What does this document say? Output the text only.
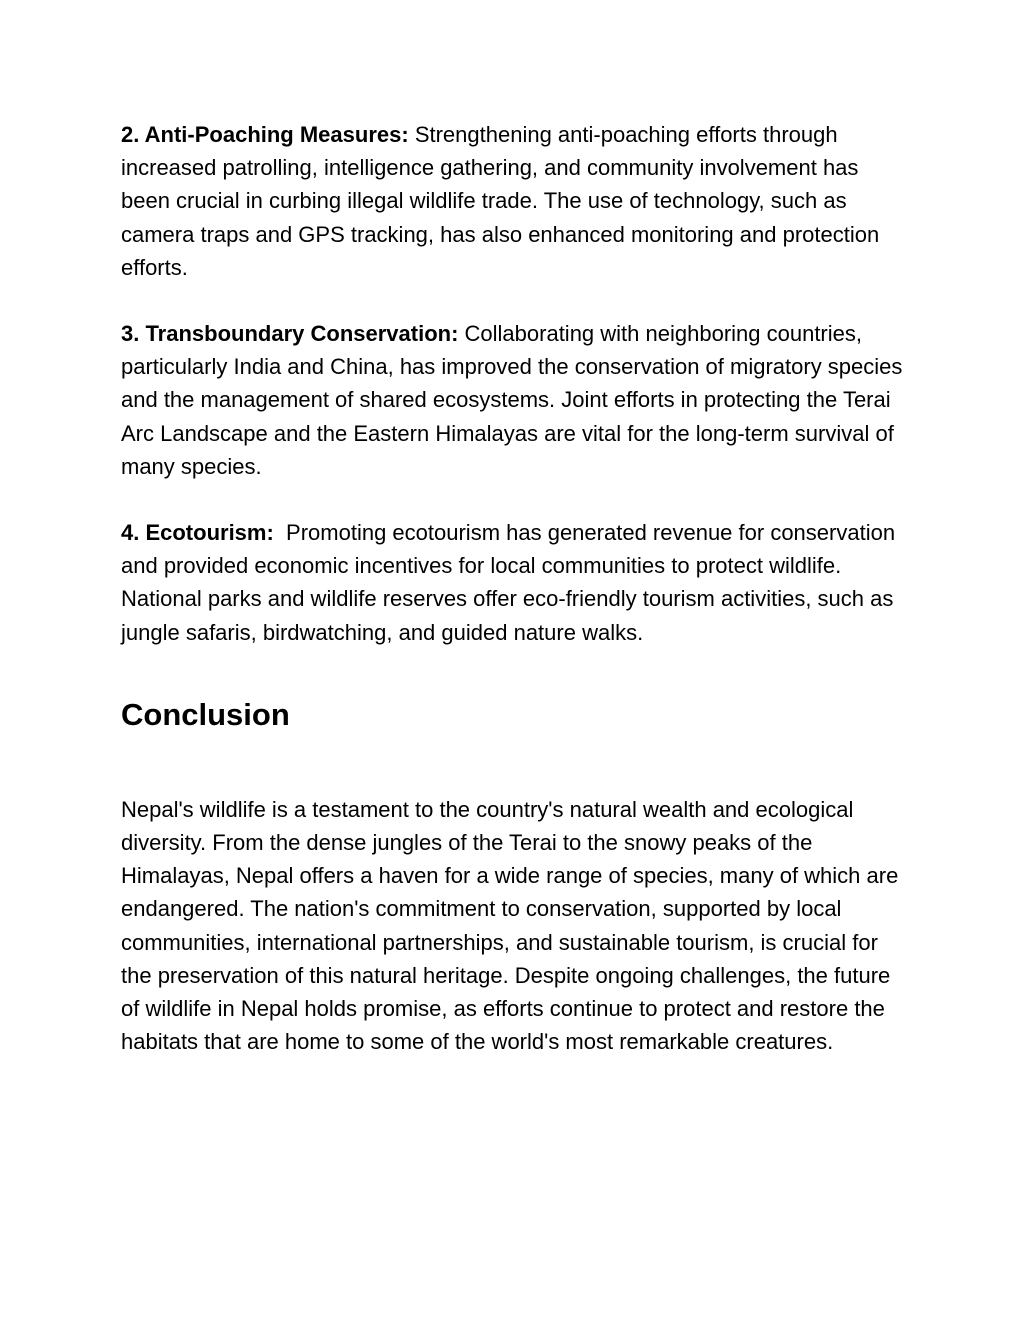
2. Anti-Poaching Measures: Strengthening anti-poaching efforts through increased patrolling, intelligence gathering, and community involvement has been crucial in curbing illegal wildlife trade. The use of technology, such as camera traps and GPS tracking, has also enhanced monitoring and protection efforts.

3. Transboundary Conservation: Collaborating with neighboring countries, particularly India and China, has improved the conservation of migratory species and the management of shared ecosystems. Joint efforts in protecting the Terai Arc Landscape and the Eastern Himalayas are vital for the long-term survival of many species.

4. Ecotourism: Promoting ecotourism has generated revenue for conservation and provided economic incentives for local communities to protect wildlife. National parks and wildlife reserves offer eco-friendly tourism activities, such as jungle safaris, birdwatching, and guided nature walks.

Conclusion

Nepal's wildlife is a testament to the country's natural wealth and ecological diversity. From the dense jungles of the Terai to the snowy peaks of the Himalayas, Nepal offers a haven for a wide range of species, many of which are endangered. The nation's commitment to conservation, supported by local communities, international partnerships, and sustainable tourism, is crucial for the preservation of this natural heritage. Despite ongoing challenges, the future of wildlife in Nepal holds promise, as efforts continue to protect and restore the habitats that are home to some of the world's most remarkable creatures.
